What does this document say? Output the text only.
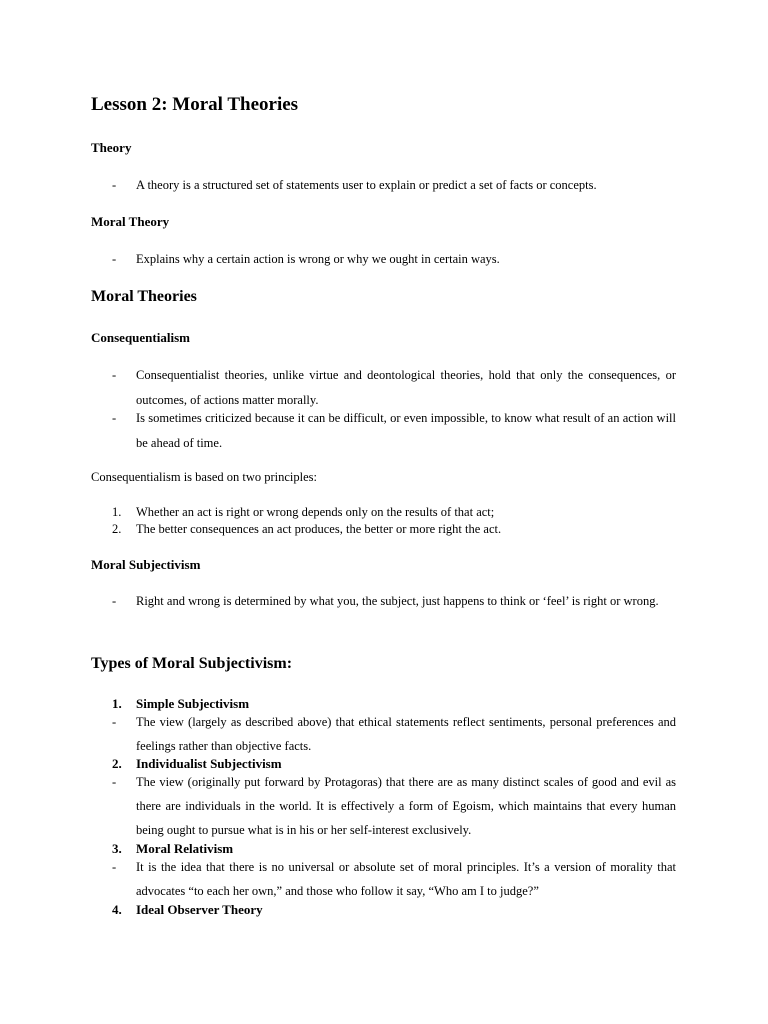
Lesson 2: Moral Theories
Theory
- A theory is a structured set of statements user to explain or predict a set of facts or concepts.
Moral Theory
- Explains why a certain action is wrong or why we ought in certain ways.
Moral Theories
Consequentialism
- Consequentialist theories, unlike virtue and deontological theories, hold that only the consequences, or outcomes, of actions matter morally.
- Is sometimes criticized because it can be difficult, or even impossible, to know what result of an action will be ahead of time.
Consequentialism is based on two principles:
1. Whether an act is right or wrong depends only on the results of that act;
2. The better consequences an act produces, the better or more right the act.
Moral Subjectivism
- Right and wrong is determined by what you, the subject, just happens to think or ‘feel’ is right or wrong.
Types of Moral Subjectivism:
1. Simple Subjectivism
- The view (largely as described above) that ethical statements reflect sentiments, personal preferences and feelings rather than objective facts.
2. Individualist Subjectivism
- The view (originally put forward by Protagoras) that there are as many distinct scales of good and evil as there are individuals in the world. It is effectively a form of Egoism, which maintains that every human being ought to pursue what is in his or her self-interest exclusively.
3. Moral Relativism
- It is the idea that there is no universal or absolute set of moral principles. It’s a version of morality that advocates “to each her own,” and those who follow it say, “Who am I to judge?”
4. Ideal Observer Theory
